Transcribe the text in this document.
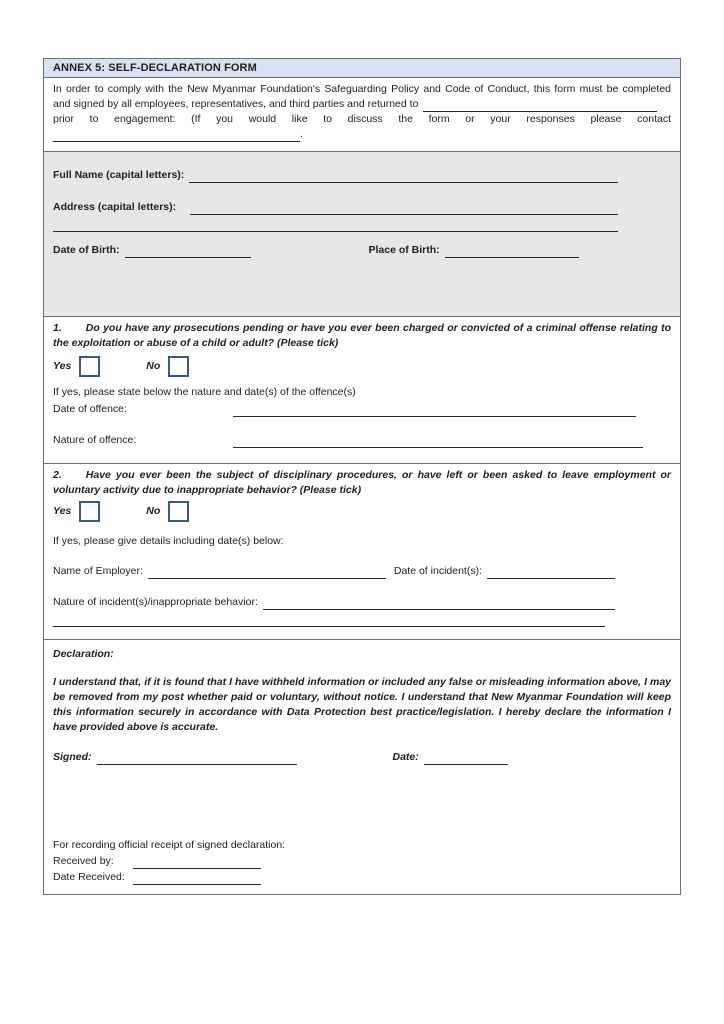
ANNEX 5: SELF-DECLARATION FORM
In order to comply with the New Myanmar Foundation's Safeguarding Policy and Code of Conduct, this form must be completed
and signed by all employees, representatives, and third parties and returned to
prior to engagement: (If you would like to discuss the form or your responses please contact
.
Full Name (capital letters):
Address (capital letters):
Date of Birth:	Place of Birth:
1. Do you have any prosecutions pending or have you ever been charged or convicted of a criminal offense relating to the exploitation or abuse of a child or adult? (Please tick)
Yes	No
If yes, please state below the nature and date(s) of the offence(s)
Date of offence:
Nature of offence:
2. Have you ever been the subject of disciplinary procedures, or have left or been asked to leave employment or voluntary activity due to inappropriate behavior? (Please tick)
Yes	No
If yes, please give details including date(s) below:
Name of Employer:	Date of incident(s):
Nature of incident(s)/inappropriate behavior:
Declaration:
I understand that, if it is found that I have withheld information or included any false or misleading information above, I may be removed from my post whether paid or voluntary, without notice. I understand that New Myanmar Foundation will keep this information securely in accordance with Data Protection best practice/legislation. I hereby declare the information I have provided above is accurate.
Signed:	Date:
For recording official receipt of signed declaration:
Received by:
Date Received:
